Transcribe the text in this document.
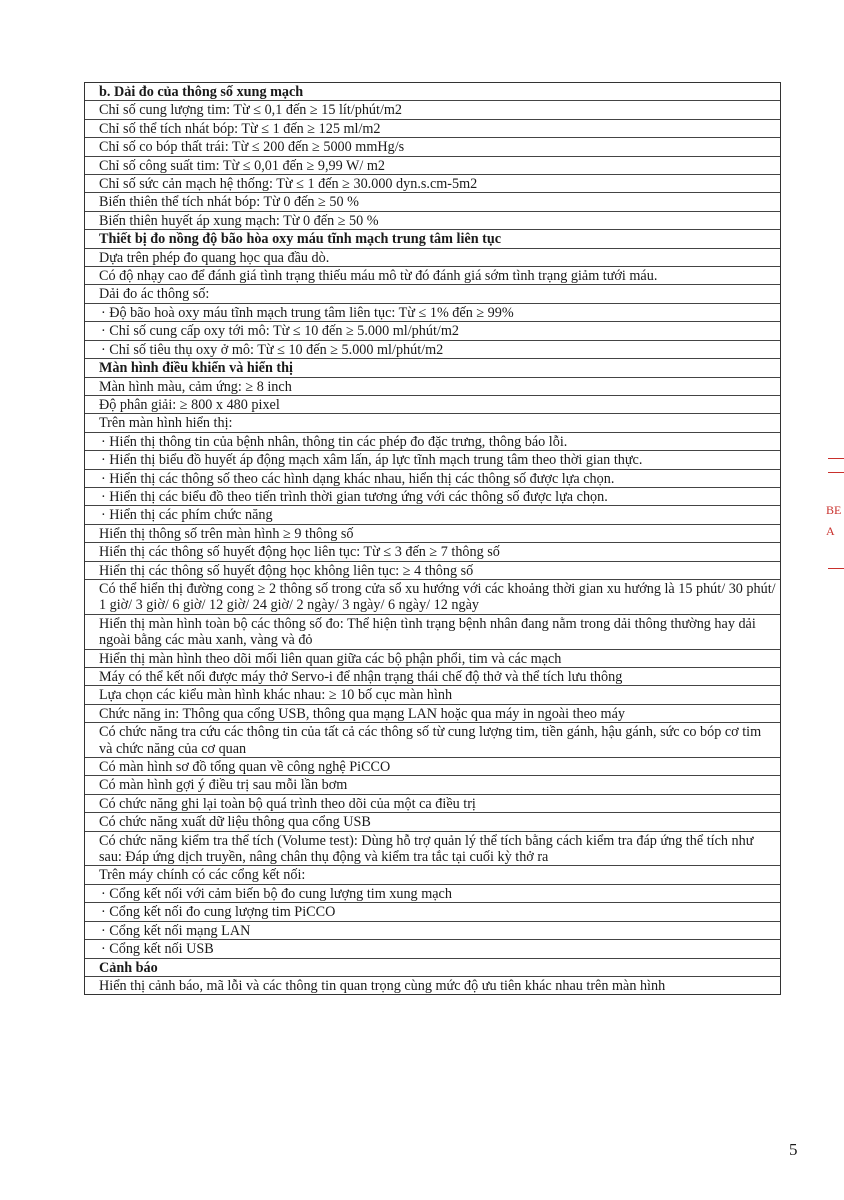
b. Dải đo của thông số xung mạch
Chỉ số cung lượng tim: Từ ≤ 0,1 đến ≥ 15 lít/phút/m2
Chỉ số thể tích nhát bóp: Từ ≤ 1 đến ≥ 125 ml/m2
Chỉ số co bóp thất trái: Từ ≤ 200 đến ≥ 5000 mmHg/s
Chỉ số công suất tim: Từ ≤ 0,01 đến ≥ 9,99 W/ m2
Chỉ số sức cản mạch hệ thống: Từ ≤ 1 đến ≥ 30.000 dyn.s.cm-5m2
Biến thiên thể tích nhát bóp: Từ 0 đến ≥ 50 %
Biến thiên huyết áp xung mạch: Từ 0 đến ≥ 50 %
Thiết bị đo nồng độ bão hòa oxy máu tĩnh mạch trung tâm liên tục
Dựa trên phép đo quang học qua đầu dò.
Có độ nhạy cao để đánh giá tình trạng thiếu máu mô từ đó đánh giá sớm tình trạng giảm tưới máu.
Dải đo ác thông số:
· Độ bão hoà oxy máu tĩnh mạch trung tâm liên tục: Từ ≤ 1% đến ≥ 99%
· Chỉ số cung cấp oxy tới mô: Từ ≤ 10 đến ≥ 5.000 ml/phút/m2
· Chỉ số tiêu thụ oxy ở mô: Từ ≤ 10 đến ≥ 5.000 ml/phút/m2
Màn hình điều khiển và hiển thị
Màn hình màu, cảm ứng: ≥ 8 inch
Độ phân giải: ≥ 800 x 480 pixel
Trên màn hình hiển thị:
· Hiển thị thông tin của bệnh nhân, thông tin các phép đo đặc trưng, thông báo lỗi.
· Hiển thị biểu đồ huyết áp động mạch xâm lấn, áp lực tĩnh mạch trung tâm theo thời gian thực.
· Hiển thị các thông số theo các hình dạng khác nhau, hiển thị các thông số được lựa chọn.
· Hiển thị các biểu đồ theo tiến trình thời gian tương ứng với các thông số được lựa chọn.
· Hiển thị các phím chức năng
Hiển thị thông số trên màn hình ≥ 9 thông số
Hiển thị các thông số huyết động học liên tục: Từ ≤ 3 đến ≥ 7 thông số
Hiển thị các thông số huyết động học không liên tục: ≥ 4 thông số
Có thể hiển thị đường cong ≥ 2 thông số trong cửa sổ xu hướng với các khoảng thời gian xu hướng là 15 phút/ 30 phút/ 1 giờ/ 3 giờ/ 6 giờ/ 12 giờ/ 24 giờ/ 2 ngày/ 3 ngày/ 6 ngày/ 12 ngày
Hiển thị màn hình toàn bộ các thông số đo: Thể hiện tình trạng bệnh nhân đang nằm trong dải thông thường hay dải ngoài bằng các màu xanh, vàng và đỏ
Hiển thị màn hình theo dõi mối liên quan giữa các bộ phận phổi, tim và các mạch
Máy có thể kết nối được máy thở Servo-i để nhận trạng thái chế độ thở và thể tích lưu thông
Lựa chọn các kiểu màn hình khác nhau: ≥ 10 bố cục màn hình
Chức năng in: Thông qua cổng USB, thông qua mạng LAN hoặc qua máy in ngoài theo máy
Có chức năng tra cứu các thông tin của tất cả các thông số từ cung lượng tim, tiền gánh, hậu gánh, sức co bóp cơ tim và chức năng của cơ quan
Có màn hình sơ đồ tổng quan về công nghệ PiCCO
Có màn hình gợi ý điều trị sau mỗi lần bơm
Có chức năng ghi lại toàn bộ quá trình theo dõi của một ca điều trị
Có chức năng xuất dữ liệu thông qua cổng USB
Có chức năng kiểm tra thể tích (Volume test): Dùng hỗ trợ quản lý thể tích bằng cách kiểm tra đáp ứng thể tích như sau: Đáp ứng dịch truyền, nâng chân thụ động và kiểm tra tắc tại cuối kỳ thở ra
Trên máy chính có các cổng kết nối:
· Cổng kết nối với cảm biến bộ đo cung lượng tim xung mạch
· Cổng kết nối đo cung lượng tim PiCCO
· Cổng kết nối mạng LAN
· Cổng kết nối USB
Cảnh báo
Hiển thị cảnh báo, mã lỗi và các thông tin quan trọng cùng mức độ ưu tiên khác nhau trên màn hình
5
BE
A
